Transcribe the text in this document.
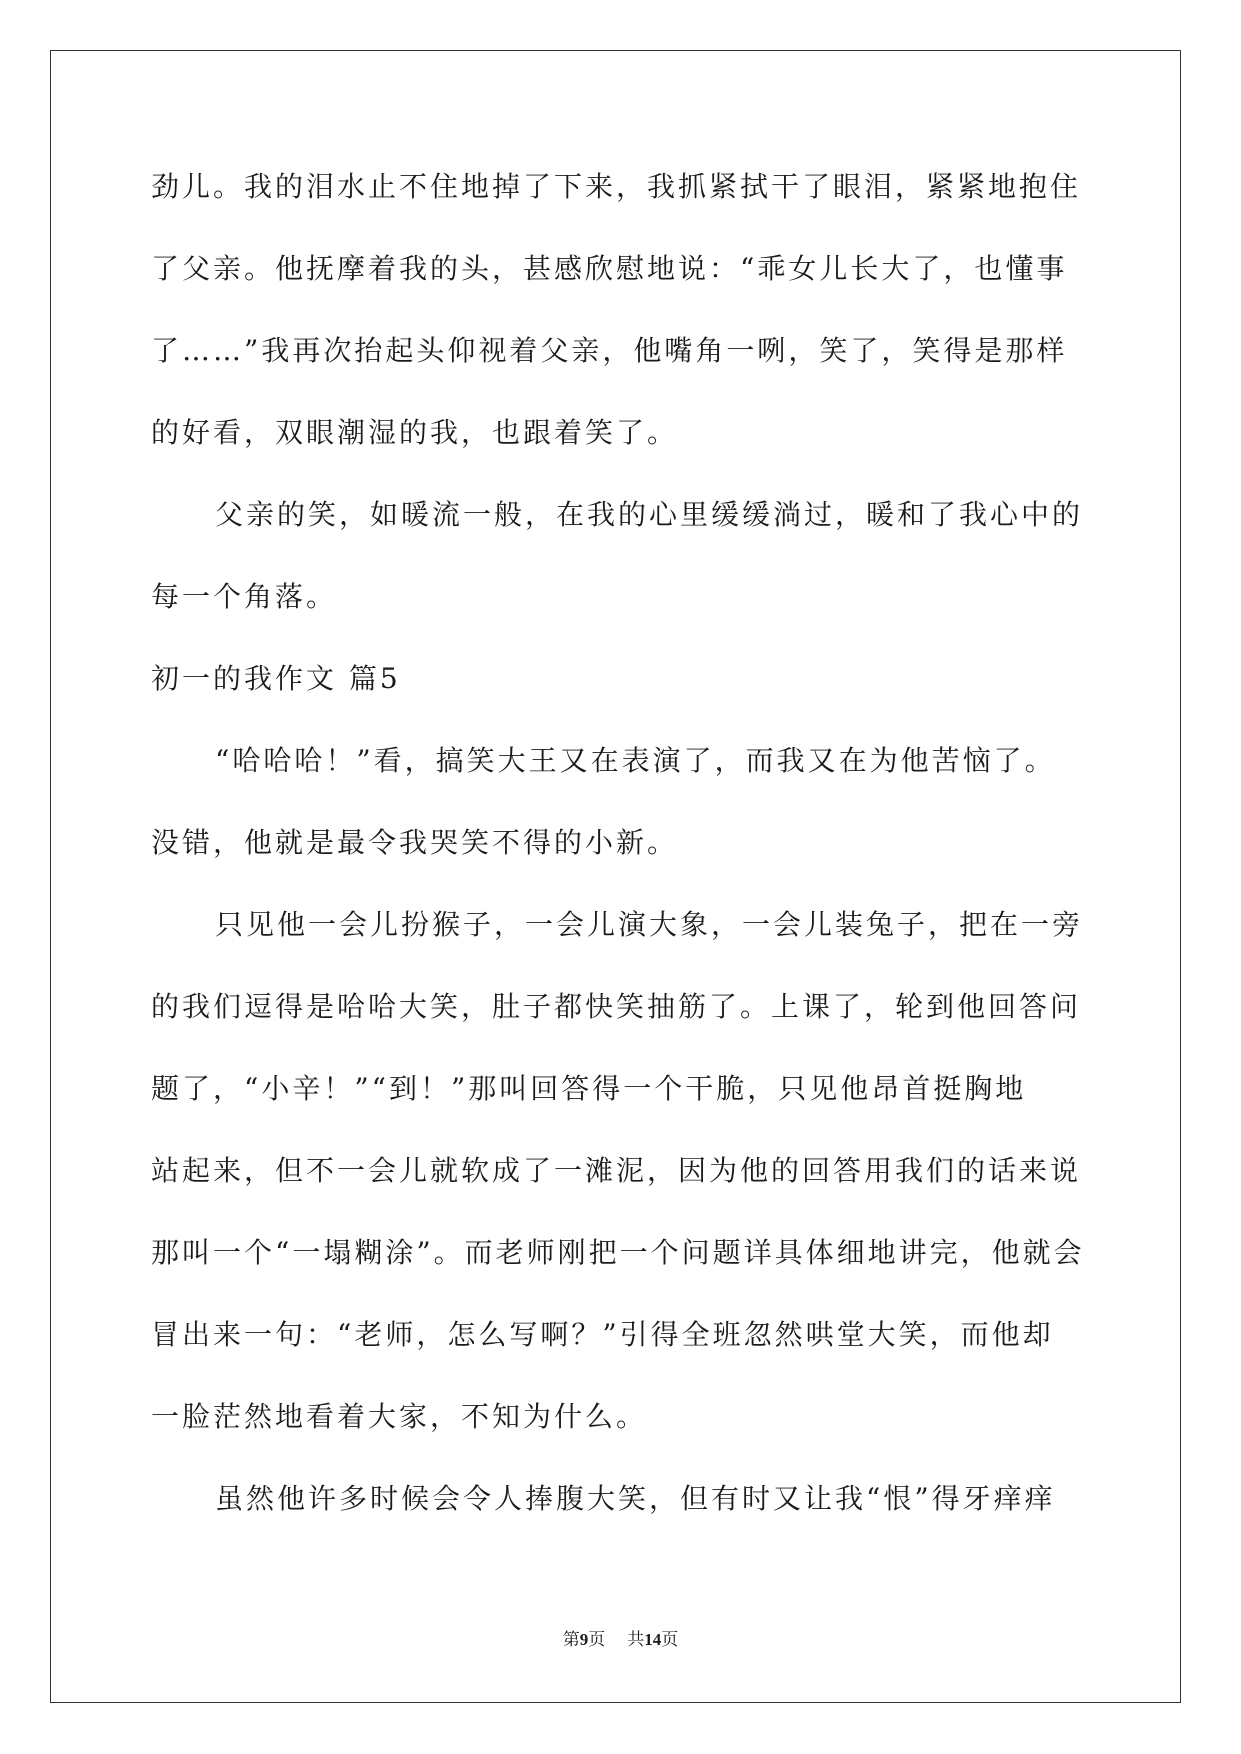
劲儿。我的泪水止不住地掉了下来，我抓紧拭干了眼泪，紧紧地抱住
了父亲。他抚摩着我的头，甚感欣慰地说：“乖女儿长大了，也懂事
了……”我再次抬起头仰视着父亲，他嘴角一咧，笑了，笑得是那样
的好看，双眼潮湿的我，也跟着笑了。
父亲的笑，如暖流一般，在我的心里缓缓淌过，暖和了我心中的
每一个角落。
初一的我作文 篇5
“哈哈哈！”看，搞笑大王又在表演了，而我又在为他苦恼了。
没错，他就是最令我哭笑不得的小新。
只见他一会儿扮猴子，一会儿演大象，一会儿装兔子，把在一旁
的我们逗得是哈哈大笑，肚子都快笑抽筋了。上课了，轮到他回答问
题了，“小辛！”“到！”那叫回答得一个干脆，只见他昂首挺胸地
站起来，但不一会儿就软成了一滩泥，因为他的回答用我们的话来说
那叫一个“一塌糊涂”。而老师刚把一个问题详具体细地讲完，他就会
冒出来一句：“老师，怎么写啊？”引得全班忽然哄堂大笑，而他却
一脸茫然地看着大家，不知为什么。
虽然他许多时候会令人捧腹大笑，但有时又让我“恨”得牙痒痒
第9页 共14页
